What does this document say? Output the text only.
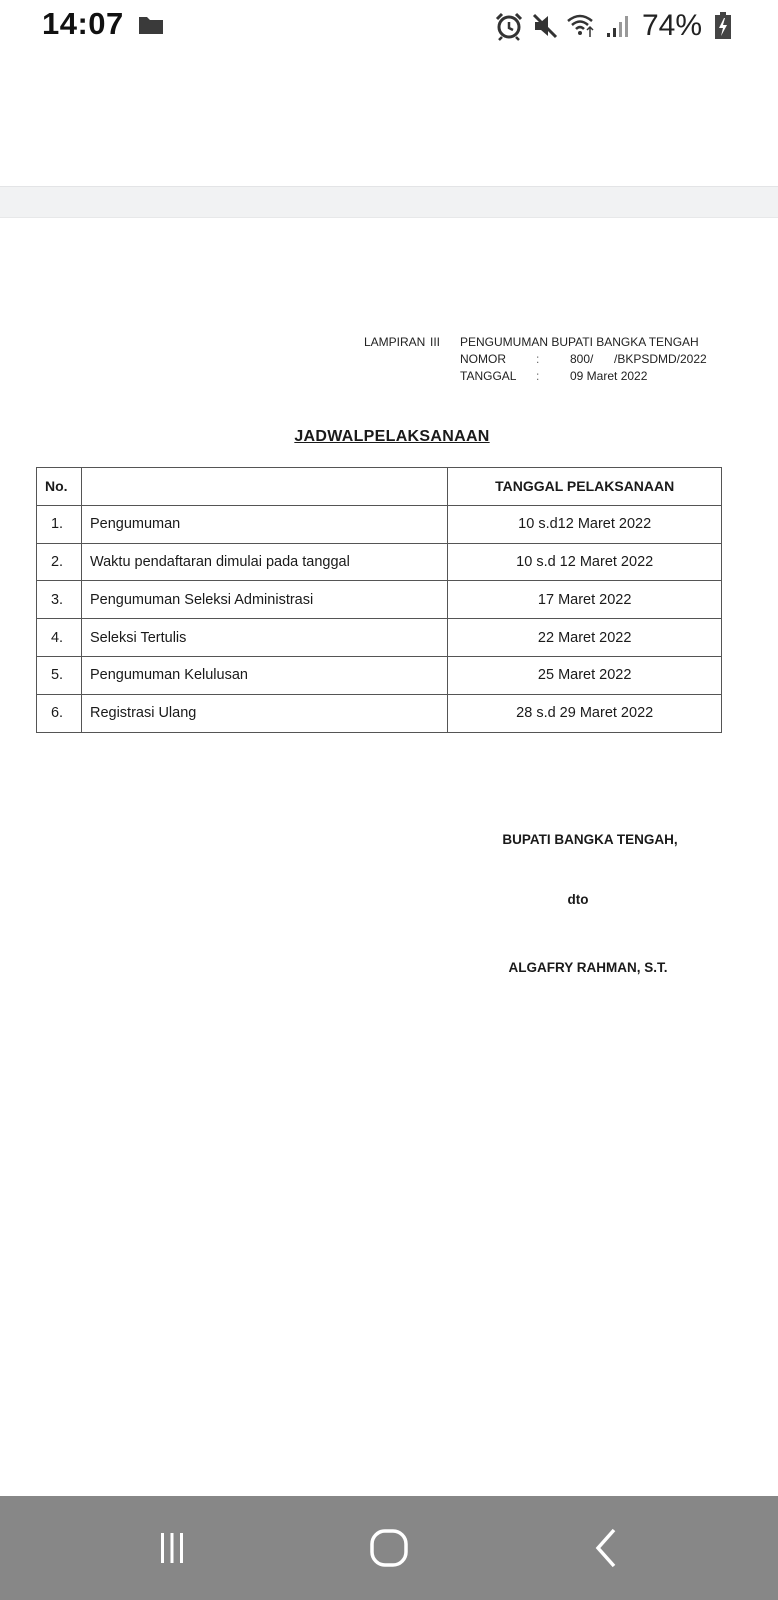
14:07	74%
LAMPIRAN III	PENGUMUMAN BUPATI BANGKA TENGAH
NOMOR	:	800/	/BKPSDMD/2022
TANGGAL	:	09 Maret 2022
JADWALPELAKSANAAN
No.		TANGGAL PELAKSANAAN
1.	Pengumuman	10 s.d12 Maret 2022
2.	Waktu pendaftaran dimulai pada tanggal	10 s.d 12 Maret 2022
3.	Pengumuman Seleksi Administrasi	17 Maret 2022
4.	Seleksi Tertulis	22 Maret 2022
5.	Pengumuman Kelulusan	25 Maret 2022
6.	Registrasi Ulang	28 s.d 29 Maret 2022
BUPATI BANGKA TENGAH,
dto
ALGAFRY RAHMAN, S.T.
